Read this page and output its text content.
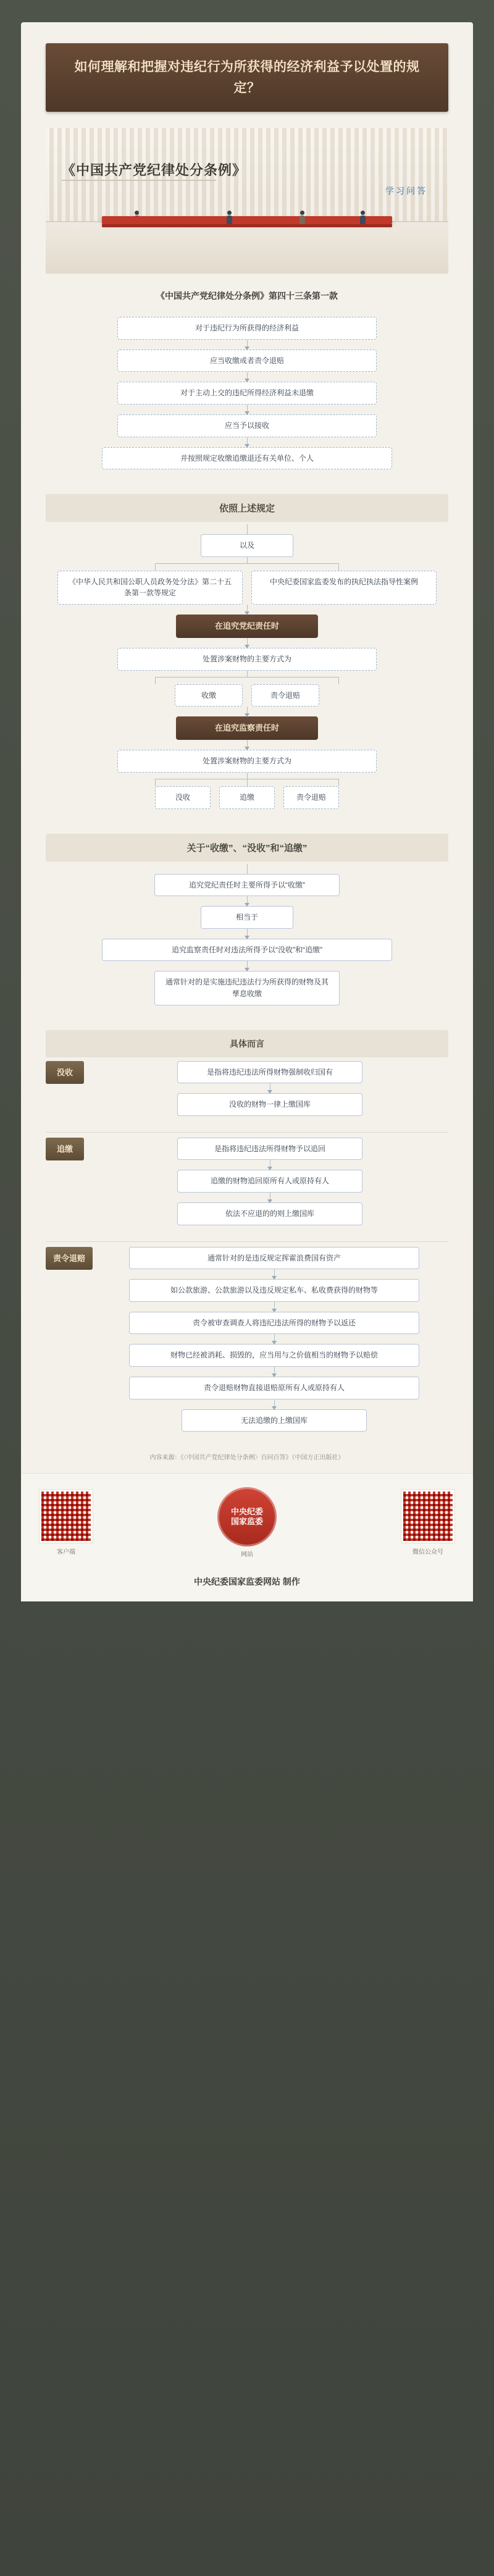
如何理解和把握对违纪行为所获得的经济利益予以处置的规定？
《中国共产党纪律处分条例》
学习问答
《中国共产党纪律处分条例》第四十三条第一款
对于违纪行为所获得的经济利益
应当收缴或者责令退赔
对于主动上交的违纪所得经济利益未退缴
应当予以接收
并按照规定收缴追缴退还有关单位、个人
依照上述规定
以及
《中华人民共和国公职人员政务处分法》第二十五条第一款等规定
中央纪委国家监委发布的执纪执法指导性案例
在追究党纪责任时
处置涉案财物的主要方式为
收缴	责令退赔
在追究监察责任时
处置涉案财物的主要方式为
没收	追缴	责令退赔
关于“收缴”、“没收”和“追缴”
追究党纪责任时主要所得予以“收缴”
相当于
追究监察责任时对违法所得予以“没收”和“追缴”
通常针对的是实施违纪违法行为所获得的财物及其孳息收缴
具体而言
没收	是指将违纪违法所得财物强制收归国有
没收的财物一律上缴国库
追缴	是指将违纪违法所得财物予以追回
追缴的财物追回原所有人或原持有人
依法不应退的的则上缴国库
责令退赔	通常针对的是违反规定挥霍浪费国有资产
如公款旅游、公款旅游以及违反规定私车、私收费获得的财物等
责令被审查调查人将违纪违法所得的财物予以返还
财物已经被消耗、损毁的，应当用与之价值相当的财物予以赔偿
责令退赔财物直接退赔原所有人或原持有人
无法追缴的上缴国库
内容来源：《〈中国共产党纪律处分条例〉百问百答》（中国方正出版社）
客户端
中央纪委
国家监委
网站	微信公众号
中央纪委国家监委网站 制作
